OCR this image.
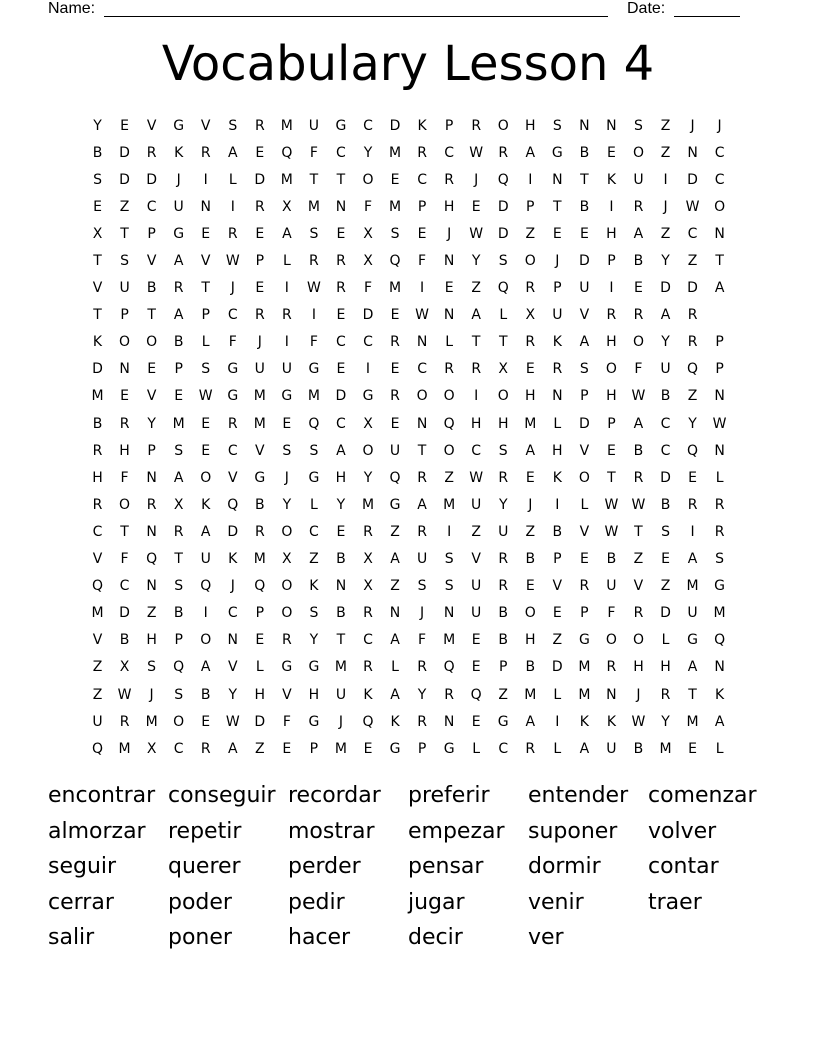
Name:	Date:
Vocabulary Lesson 4
Y	E	V	G	V	S	R	M	U	G	C	D	K	P	R	O	H	S	N	N	S	Z	J	J
B	D	R	K	R	A	E	Q	F	C	Y	M	R	C	W	R	A	G	B	E	O	Z	N	C
S	D	D	J	I	L	D	M	T	T	O	E	C	R	J	Q	I	N	T	K	U	I	D	C
E	Z	C	U	N	I	R	X	M	N	F	M	P	H	E	D	P	T	B	I	R	J	W	O
X	T	P	G	E	R	E	A	S	E	X	S	E	J	W	D	Z	E	E	H	A	Z	C	N
T	S	V	A	V	W	P	L	R	R	X	Q	F	N	Y	S	O	J	D	P	B	Y	Z	T
V	U	B	R	T	J	E	I	W	R	F	M	I	E	Z	Q	R	P	U	I	E	D	D	A
T	P	T	A	P	C	R	R	I	E	D	E	W	N	A	L	X	U	V	R	R	A	R
K	O	O	B	L	F	J	I	F	C	C	R	N	L	T	T	R	K	A	H	O	Y	R	P
D	N	E	P	S	G	U	U	G	E	I	E	C	R	R	X	E	R	S	O	F	U	Q	P
M	E	V	E	W	G	M	G	M	D	G	R	O	O	I	O	H	N	P	H	W	B	Z	N
B	R	Y	M	E	R	M	E	Q	C	X	E	N	Q	H	H	M	L	D	P	A	C	Y	W
R	H	P	S	E	C	V	S	S	A	O	U	T	O	C	S	A	H	V	E	B	C	Q	N
H	F	N	A	O	V	G	J	G	H	Y	Q	R	Z	W	R	E	K	O	T	R	D	E	L
R	O	R	X	K	Q	B	Y	L	Y	M	G	A	M	U	Y	J	I	L	W W	B	R	R
C	T	N	R	A	D	R	O	C	E	R	Z	R	I	Z	U	Z	B	V	W	T	S	I	R
V	F	Q	T	U	K	M	X	Z	B	X	A	U	S	V	R	B	P	E	B	Z	E	A	S
Q	C	N	S	Q	J	Q	O	K	N	X	Z	S	S	U	R	E	V	R	U	V	Z	M	G
M	D	Z	B	I	C	P	O	S	B	R	N	J	N	U	B	O	E	P	F	R	D	U	M
V	B	H	P	O	N	E	R	Y	T	C	A	F	M	E	B	H	Z	G	O	O	L	G	Q
Z	X	S	Q	A	V	L	G	G	M	R	L	R	Q	E	P	B	D	M	R	H	H	A	N
Z	W	J	S	B	Y	H	V	H	U	K	A	Y	R	Q	Z	M	L	M	N	J	R	T	K
U	R	M	O	E	W	D	F	G	J	Q	K	R	N	E	G	A	I	K	K	W	Y	M	A
Q	M	X	C	R	A	Z	E	P	M	E	G	P	G	L	C	R	L	A	U	B	M	E	L
encontrar conseguir recordar	preferir	entender comenzar
almorzar	repetir	mostrar	empezar	suponer	volver
seguir	querer	perder	pensar	dormir	contar
cerrar	poder	pedir	jugar	venir	traer
salir	poner	hacer	decir	ver
